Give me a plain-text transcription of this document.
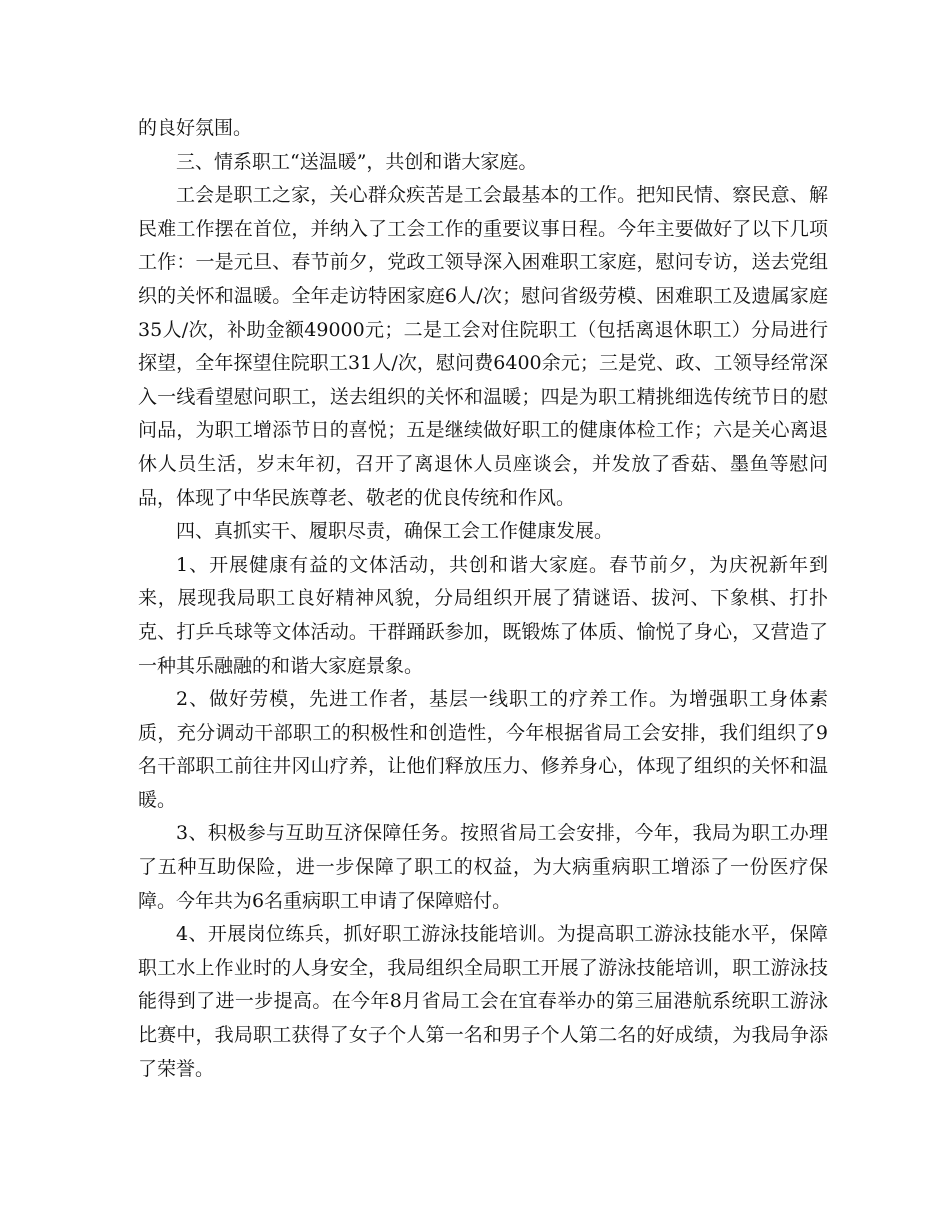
的良好氛围。

三、情系职工“送温暖”，共创和谐大家庭。

工会是职工之家，关心群众疾苦是工会最基本的工作。把知民情、察民意、解民难工作摆在首位，并纳入了工会工作的重要议事日程。今年主要做好了以下几项工作：一是元旦、春节前夕，党政工领导深入困难职工家庭，慰问专访，送去党组织的关怀和温暖。全年走访特困家庭6人/次；慰问省级劳模、困难职工及遗属家庭35人/次，补助金额49000元；二是工会对住院职工（包括离退休职工）分局进行探望，全年探望住院职工31人/次，慰问费6400余元；三是党、政、工领导经常深入一线看望慰问职工，送去组织的关怀和温暖；四是为职工精挑细选传统节日的慰问品，为职工增添节日的喜悦；五是继续做好职工的健康体检工作；六是关心离退休人员生活，岁末年初，召开了离退休人员座谈会，并发放了香菇、墨鱼等慰问品，体现了中华民族尊老、敬老的优良传统和作风。

四、真抓实干、履职尽责，确保工会工作健康发展。

1、开展健康有益的文体活动，共创和谐大家庭。春节前夕，为庆祝新年到来，展现我局职工良好精神风貌，分局组织开展了猜谜语、拔河、下象棋、打扑克、打乒乓球等文体活动。干群踊跃参加，既锻炼了体质、愉悦了身心，又营造了一种其乐融融的和谐大家庭景象。

2、做好劳模，先进工作者，基层一线职工的疗养工作。为增强职工身体素质，充分调动干部职工的积极性和创造性，今年根据省局工会安排，我们组织了9名干部职工前往井冈山疗养，让他们释放压力、修养身心，体现了组织的关怀和温暖。

3、积极参与互助互济保障任务。按照省局工会安排，今年，我局为职工办理了五种互助保险，进一步保障了职工的权益，为大病重病职工增添了一份医疗保障。今年共为6名重病职工申请了保障赔付。

4、开展岗位练兵，抓好职工游泳技能培训。为提高职工游泳技能水平，保障职工水上作业时的人身安全，我局组织全局职工开展了游泳技能培训，职工游泳技能得到了进一步提高。在今年8月省局工会在宜春举办的第三届港航系统职工游泳比赛中，我局职工获得了女子个人第一名和男子个人第二名的好成绩，为我局争添了荣誉。
